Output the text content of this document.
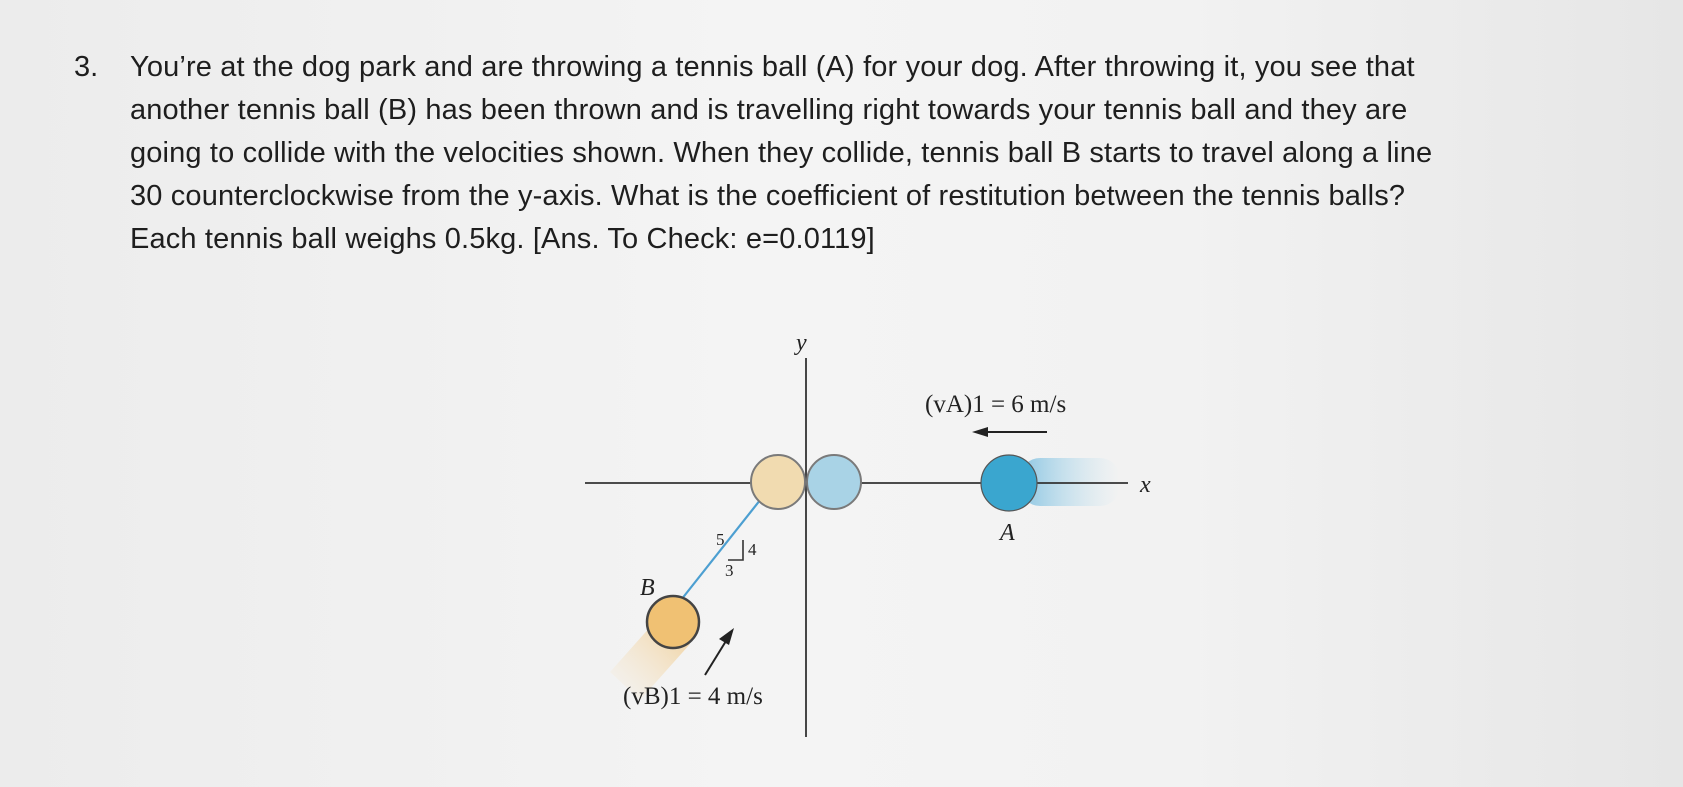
3. You’re at the dog park and are throwing a tennis ball (A) for your dog. After throwing it, you see that
another tennis ball (B) has been thrown and is travelling right towards your tennis ball and they are
going to collide with the velocities shown. When they collide, tennis ball B starts to travel along a line
30 counterclockwise from the y-axis. What is the coefficient of restitution between the tennis balls?
Each tennis ball weighs 0.5kg. [Ans. To Check: e=0.0119]
y
x
A
B
(vA)1 = 6 m/s
(vB)1 = 4 m/s
5
4
3
